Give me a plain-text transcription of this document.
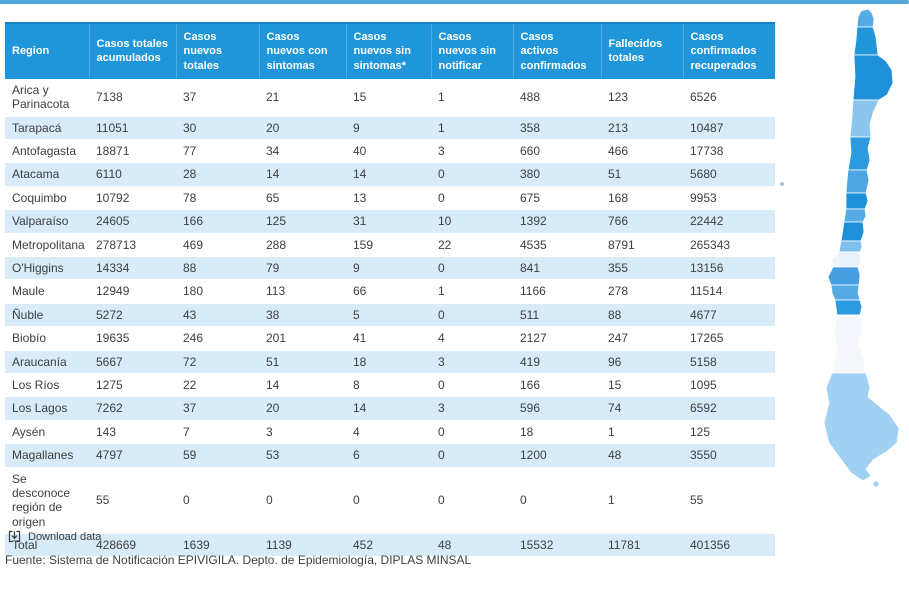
Region	Casos totales acumulados	Casos nuevos totales	Casos nuevos con sintomas	Casos nuevos sin sintomas*	Casos nuevos sin notificar	Casos activos confirmados	Fallecidos totales	Casos confirmados recuperados
Arica y Parinacota	7138	37	21	15	1	488	123	6526
Tarapacá	11051	30	20	9	1	358	213	10487
Antofagasta	18871	77	34	40	3	660	466	17738
Atacama	6110	28	14	14	0	380	51	5680
Coquimbo	10792	78	65	13	0	675	168	9953
Valparaíso	24605	166	125	31	10	1392	766	22442
Metropolitana	278713	469	288	159	22	4535	8791	265343
O'Higgins	14334	88	79	9	0	841	355	13156
Maule	12949	180	113	66	1	1166	278	11514
Ñuble	5272	43	38	5	0	511	88	4677
Biobío	19635	246	201	41	4	2127	247	17265
Araucanía	5667	72	51	18	3	419	96	5158
Los Ríos	1275	22	14	8	0	166	15	1095
Los Lagos	7262	37	20	14	3	596	74	6592
Aysén	143	7	3	4	0	18	1	125
Magallanes	4797	59	53	6	0	1200	48	3550
Se desconoce región de origen	55	0	0	0	0	0	1	55
Total	428669	1639	1139	452	48	15532	11781	401356
Download data
Fuente: Sistema de Notificación EPIVIGILA. Depto. de Epidemiología, DIPLAS MINSAL
